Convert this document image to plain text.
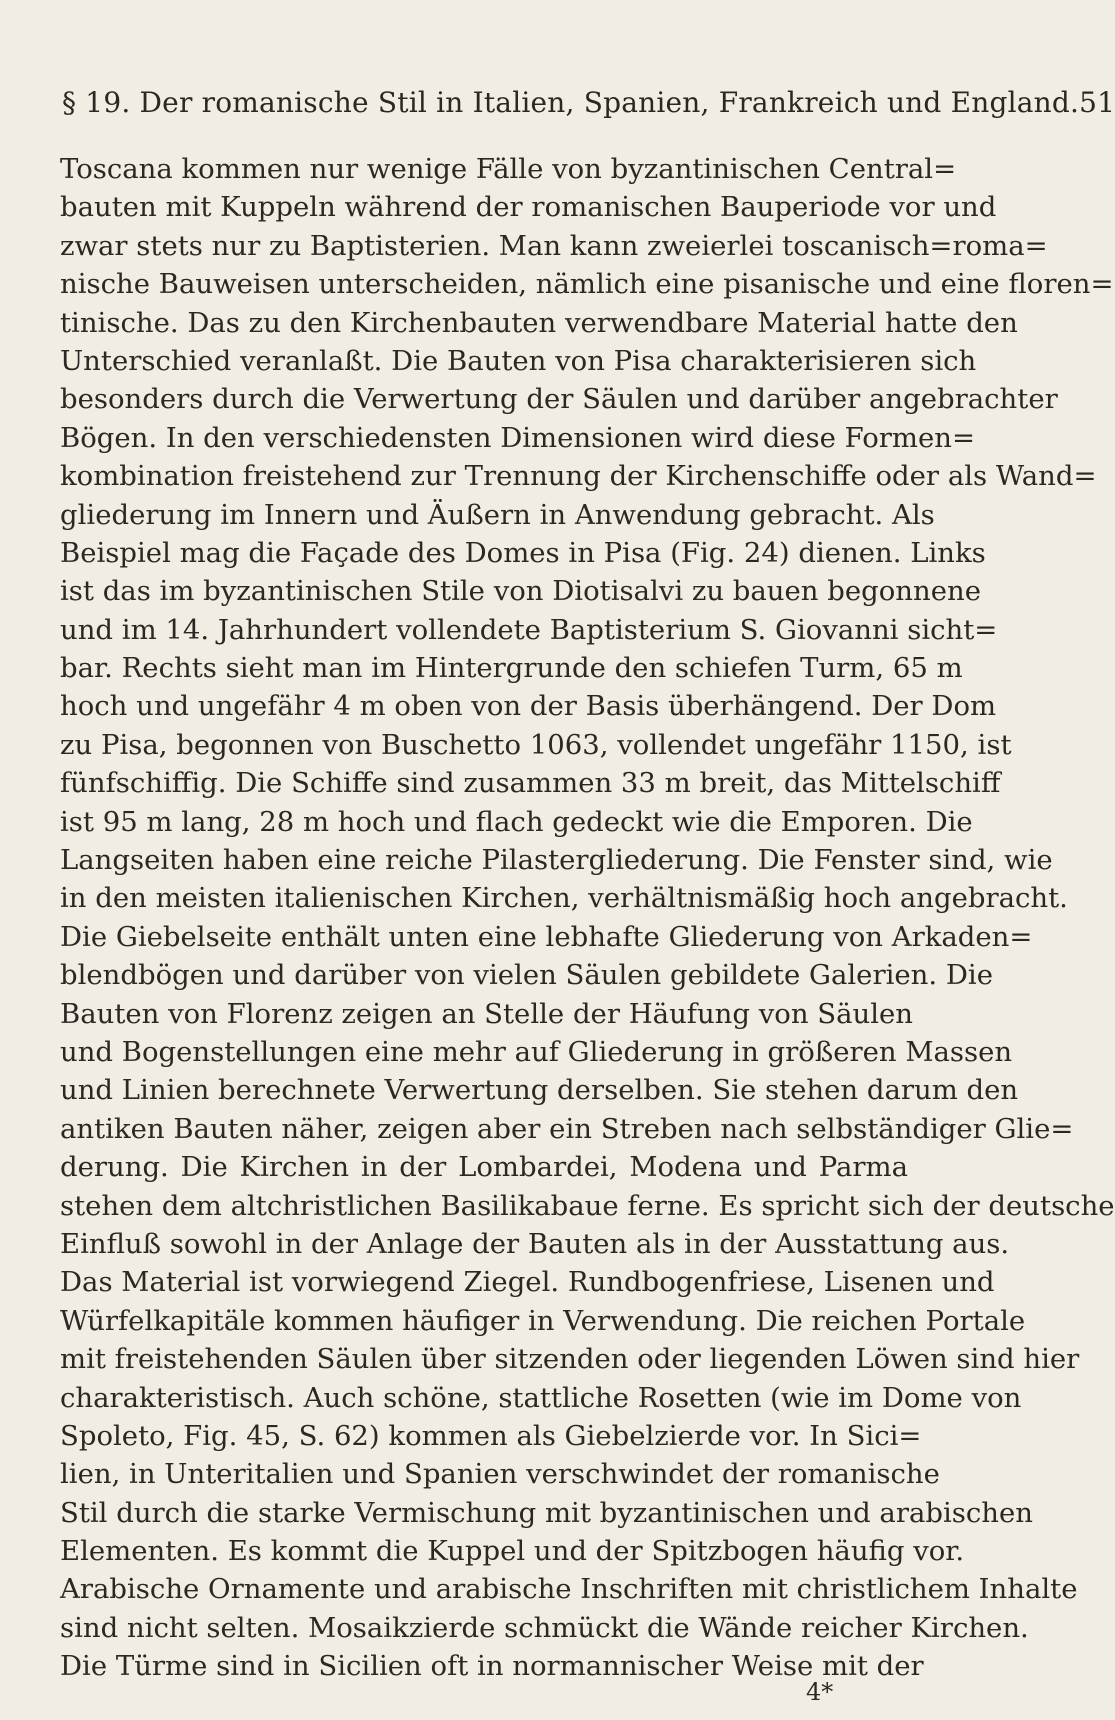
§ 19. Der romanische Stil in Italien, Spanien, Frankreich und England. 51
Toscana kommen nur wenige Fälle von byzantinischen Central=
bauten mit Kuppeln während der romanischen Bauperiode vor und
zwar stets nur zu Baptisterien. Man kann zweierlei toscanisch=roma=
nische Bauweisen unterscheiden, nämlich eine pisanische und eine floren=
tinische. Das zu den Kirchenbauten verwendbare Material hatte den
Unterschied veranlaßt. Die Bauten von Pisa charakterisieren sich
besonders durch die Verwertung der Säulen und darüber angebrachter
Bögen. In den verschiedensten Dimensionen wird diese Formen=
kombination freistehend zur Trennung der Kirchenschiffe oder als Wand=
gliederung im Innern und Äußern in Anwendung gebracht. Als
Beispiel mag die Façade des Domes in Pisa (Fig. 24) dienen. Links
ist das im byzantinischen Stile von Diotisalvi zu bauen begonnene
und im 14. Jahrhundert vollendete Baptisterium S. Giovanni sicht=
bar. Rechts sieht man im Hintergrunde den schiefen Turm, 65 m
hoch und ungefähr 4 m oben von der Basis überhängend. Der Dom
zu Pisa, begonnen von Buschetto 1063, vollendet ungefähr 1150, ist
fünfschiffig. Die Schiffe sind zusammen 33 m breit, das Mittelschiff
ist 95 m lang, 28 m hoch und flach gedeckt wie die Emporen. Die
Langseiten haben eine reiche Pilastergliederung. Die Fenster sind, wie
in den meisten italienischen Kirchen, verhältnismäßig hoch angebracht.
Die Giebelseite enthält unten eine lebhafte Gliederung von Arkaden=
blendbögen und darüber von vielen Säulen gebildete Galerien. Die
Bauten von Florenz zeigen an Stelle der Häufung von Säulen
und Bogenstellungen eine mehr auf Gliederung in größeren Massen
und Linien berechnete Verwertung derselben. Sie stehen darum den
antiken Bauten näher, zeigen aber ein Streben nach selbständiger Glie=
derung. Die Kirchen in der Lombardei, Modena und Parma
stehen dem altchristlichen Basilikabaue ferne. Es spricht sich der deutsche
Einfluß sowohl in der Anlage der Bauten als in der Ausstattung aus.
Das Material ist vorwiegend Ziegel. Rundbogenfriese, Lisenen und
Würfelkapitäle kommen häufiger in Verwendung. Die reichen Portale
mit freistehenden Säulen über sitzenden oder liegenden Löwen sind hier
charakteristisch. Auch schöne, stattliche Rosetten (wie im Dome von
Spoleto, Fig. 45, S. 62) kommen als Giebelzierde vor. In Sici=
lien, in Unteritalien und Spanien verschwindet der romanische
Stil durch die starke Vermischung mit byzantinischen und arabischen
Elementen. Es kommt die Kuppel und der Spitzbogen häufig vor.
Arabische Ornamente und arabische Inschriften mit christlichem Inhalte
sind nicht selten. Mosaikzierde schmückt die Wände reicher Kirchen.
Die Türme sind in Sicilien oft in normannischer Weise mit der
4*
